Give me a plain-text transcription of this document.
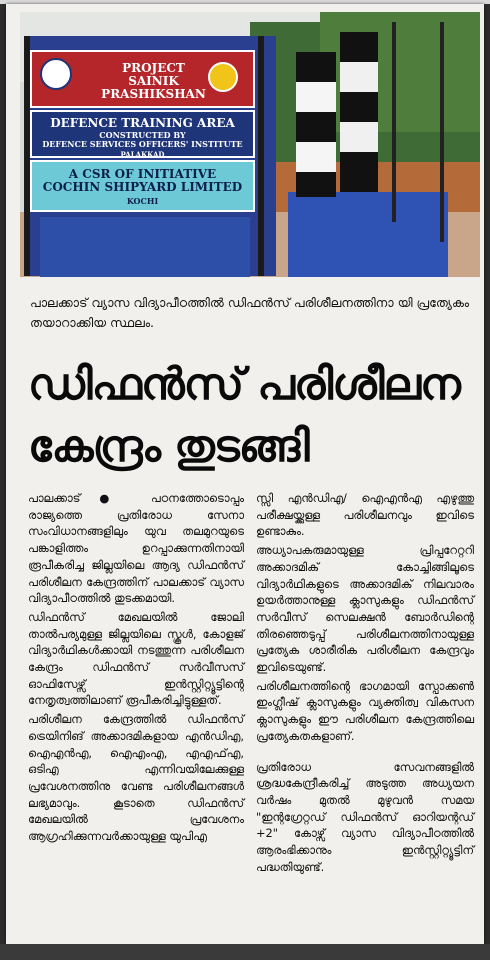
PROJECT
SAINIK PRASHIKSHAN
DEFENCE TRAINING AREA
CONSTRUCTED BY
DEFENCE SERVICES OFFICERS' INSTITUTE
PALAKKAD
A CSR OF INITIATIVE
COCHIN SHIPYARD LIMITED
KOCHI
പാലക്കാട് വ്യാസ വിദ്യാപീഠത്തിൽ ഡിഫൻസ് പരിശീലനത്തിനാ യി പ്രത്യേകം തയാറാക്കിയ സ്ഥലം.
ഡിഫൻസ് പരിശീലന
കേന്ദ്രം തുടങ്ങി

പാലക്കാട്● പഠനത്തോടൊപ്പം രാജ്യത്തെ പ്രതിരോധ സേനാ സംവിധാനങ്ങളിലും യുവ തലമുറയുടെ പങ്കാളിത്തം ഉറപ്പാക്കുന്നതിനായി രൂപീകരിച്ച ജില്ലയിലെ ആദ്യ ഡിഫൻസ് പരിശീലന കേന്ദ്രത്തിന് പാലക്കാട് വ്യാസ വിദ്യാപീഠത്തിൽ തുടക്കമായി.

ഡിഫൻസ് മേഖലയിൽ ജോലി താൽപര്യമുള്ള ജില്ലയിലെ സ്കൂൾ, കോളജ് വിദ്യാർഥികൾക്കായി നടത്തുന്ന പരിശീലന കേന്ദ്രം ഡിഫൻസ് സർവീസസ് ഓഫിസേഴ്സ് ഇൻസ്റ്റിറ്റ്യൂട്ടിന്റെ നേതൃത്വത്തിലാണ് രൂപീകരിച്ചിട്ടുള്ളത്.

പരിശീലന കേന്ദ്രത്തിൽ ഡിഫൻസ് ട്രെയിനിങ് അക്കാദമികളായ എൻഡിഎ, ഐഎൻഎ, ഐഎംഎ, എഎഫ്എ, ഒടിഎ എന്നിവയിലേക്കുള്ള പ്രവേശനത്തിനു വേണ്ട പരിശീലനങ്ങൾ ലഭ്യമാവും. കൂടാതെ ഡിഫൻസ് മേഖലയിൽ പ്രവേശനം ആഗ്രഹിക്കുന്നവർക്കായുള്ള യുപിഎ

സ്സി എൻഡിഎ/ ഐഎൻഎ എഴുത്തു പരീക്ഷയ്ക്കുള്ള പരിശീലനവും ഇവിടെ ഉണ്ടാകും.

അധ്യാപകരുമായുള്ള പ്രിപ്പറേറ്ററി അക്കാദമിക് കോച്ചിങ്ങിലൂടെ വിദ്യാർഥികളുടെ അക്കാദമിക് നിലവാരം ഉയർത്താനുള്ള ക്ലാസുകളും ഡിഫൻസ് സർവീസ് സെലക്ഷൻ ബോർഡിന്റെ തിരഞ്ഞെടുപ്പ് പരിശീലനത്തിനായുള്ള പ്രത്യേക ശാരീരിക പരിശീലന കേന്ദ്രവും ഇവിടെയുണ്ട്.

പരിശീലനത്തിന്റെ ഭാഗമായി സ്പോക്കൺ ഇംഗ്ലീഷ് ക്ലാസുകളും വ്യക്തിത്വ വികസന ക്ലാസുകളും ഈ പരിശീലന കേന്ദ്രത്തിലെ പ്രത്യേകതകളാണ്.

പ്രതിരോധ സേവനങ്ങളിൽ ശ്രദ്ധകേന്ദ്രീകരിച്ച് അടുത്ത അധ്യയന വർഷം മുതൽ മുഴുവൻ സമയ "ഇന്റഗ്രേറ്റഡ് ഡിഫൻസ് ഓറിയന്റഡ് +2" കോഴ്സ് വ്യാസ വിദ്യാപീഠത്തിൽ ആരംഭിക്കാനും ഇൻസ്റ്റിറ്റ്യൂട്ടിന് പദ്ധതിയുണ്ട്.
